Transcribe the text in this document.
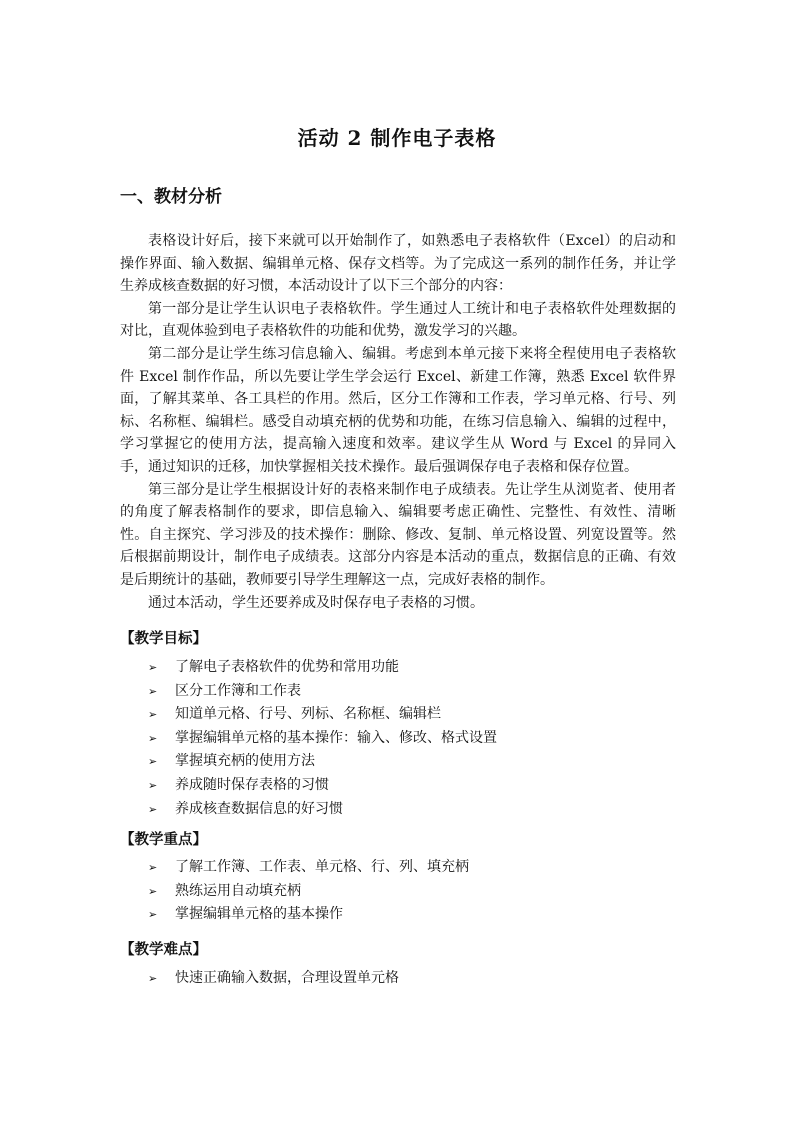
活动 2 制作电子表格
一、教材分析

表格设计好后，接下来就可以开始制作了，如熟悉电子表格软件（Excel）的启动和操作界面、输入数据、编辑单元格、保存文档等。为了完成这一系列的制作任务，并让学生养成核查数据的好习惯，本活动设计了以下三个部分的内容：

第一部分是让学生认识电子表格软件。学生通过人工统计和电子表格软件处理数据的对比，直观体验到电子表格软件的功能和优势，激发学习的兴趣。

第二部分是让学生练习信息输入、编辑。考虑到本单元接下来将全程使用电子表格软件 Excel 制作作品，所以先要让学生学会运行 Excel、新建工作簿，熟悉 Excel 软件界面，了解其菜单、各工具栏的作用。然后，区分工作簿和工作表，学习单元格、行号、列标、名称框、编辑栏。感受自动填充柄的优势和功能，在练习信息输入、编辑的过程中，学习掌握它的使用方法，提高输入速度和效率。建议学生从 Word 与 Excel 的异同入手，通过知识的迁移，加快掌握相关技术操作。最后强调保存电子表格和保存位置。

第三部分是让学生根据设计好的表格来制作电子成绩表。先让学生从浏览者、使用者的角度了解表格制作的要求，即信息输入、编辑要考虑正确性、完整性、有效性、清晰性。自主探究、学习涉及的技术操作：删除、修改、复制、单元格设置、列宽设置等。然后根据前期设计，制作电子成绩表。这部分内容是本活动的重点，数据信息的正确、有效是后期统计的基础，教师要引导学生理解这一点，完成好表格的制作。

通过本活动，学生还要养成及时保存电子表格的习惯。

【教学目标】
➢ 了解电子表格软件的优势和常用功能
➢ 区分工作簿和工作表
➢ 知道单元格、行号、列标、名称框、编辑栏
➢ 掌握编辑单元格的基本操作：输入、修改、格式设置
➢ 掌握填充柄的使用方法
➢ 养成随时保存表格的习惯
➢ 养成核查数据信息的好习惯
【教学重点】
➢ 了解工作簿、工作表、单元格、行、列、填充柄
➢ 熟练运用自动填充柄
➢ 掌握编辑单元格的基本操作
【教学难点】
➢ 快速正确输入数据，合理设置单元格
